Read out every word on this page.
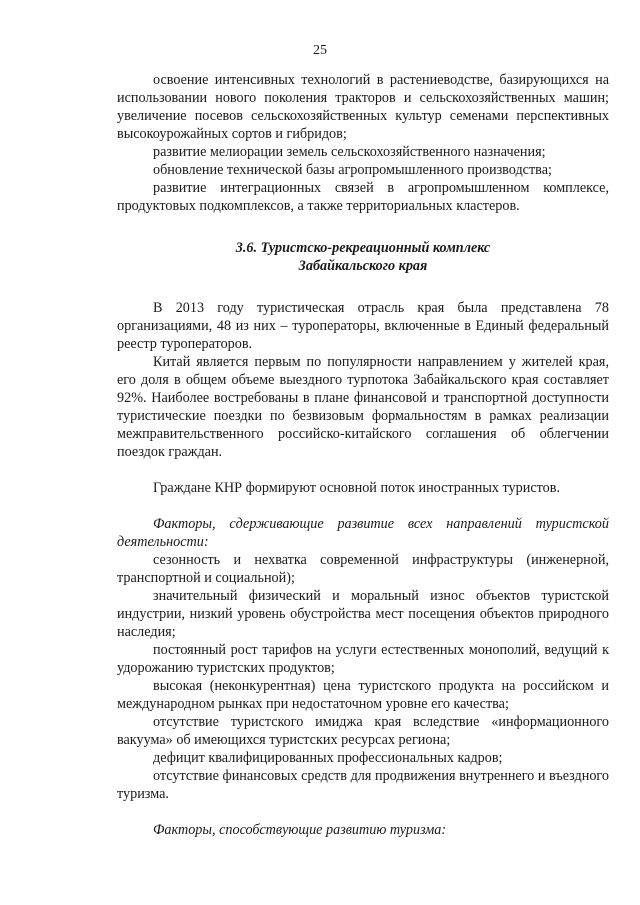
25

освоение интенсивных технологий в растениеводстве, базирующихся на использовании нового поколения тракторов и сельскохозяйственных машин; увеличение посевов сельскохозяйственных культур семенами перспективных высокоурожайных сортов и гибридов;

развитие мелиорации земель сельскохозяйственного назначения;

обновление технической базы агропромышленного производства;

развитие интеграционных связей в агропромышленном комплексе, продуктовых подкомплексов, а также территориальных кластеров.

3.6. Туристско-рекреационный комплекс

Забайкальского края

В 2013 году туристическая отрасль края была представлена 78 организациями, 48 из них – туроператоры, включенные в Единый федеральный реестр туроператоров.

Китай является первым по популярности направлением у жителей края, его доля в общем объеме выездного турпотока Забайкальского края составляет 92%. Наиболее востребованы в плане финансовой и транспортной доступности туристические поездки по безвизовым формальностям в рамках реализации межправительственного российско-китайского соглашения об облегчении поездок граждан.

Граждане КНР формируют основной поток иностранных туристов.

Факторы, сдерживающие развитие всех направлений туристской деятельности:

сезонность и нехватка современной инфраструктуры (инженерной, транспортной и социальной);

значительный физический и моральный износ объектов туристской индустрии, низкий уровень обустройства мест посещения объектов природного наследия;

постоянный рост тарифов на услуги естественных монополий, ведущий к удорожанию туристских продуктов;

высокая (неконкурентная) цена туристского продукта на российском и международном рынках при недостаточном уровне его качества;

отсутствие туристского имиджа края вследствие «информационного вакуума» об имеющихся туристских ресурсах региона;

дефицит квалифицированных профессиональных кадров;

отсутствие финансовых средств для продвижения внутреннего и въездного туризма.

Факторы, способствующие развитию туризма:
